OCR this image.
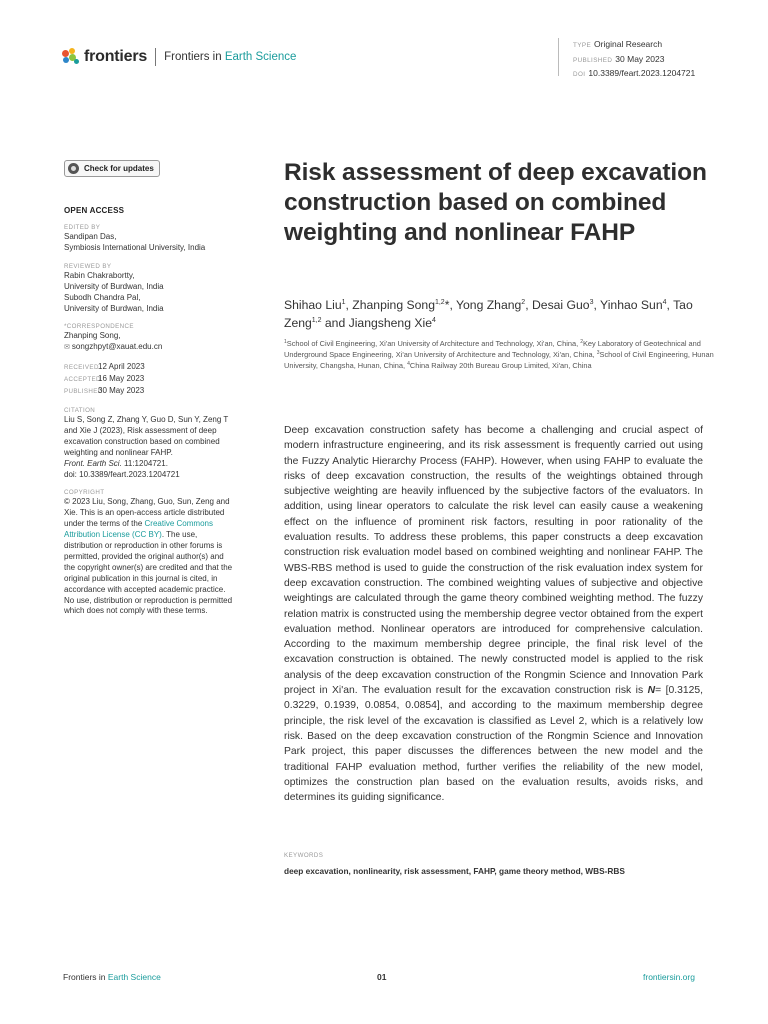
frontiers Frontiers in Earth Science
TYPE Original Research
PUBLISHED 30 May 2023
DOI 10.3389/feart.2023.1204721
Check for updates
OPEN ACCESS
EDITED BY
Sandipan Das,
Symbiosis International University, India
REVIEWED BY
Rabin Chakrabortty,
University of Burdwan, India
Subodh Chandra Pal,
University of Burdwan, India
*CORRESPONDENCE
Zhanping Song,
✉ songzhpyt@xauat.edu.cn
RECEIVED12 April 2023
ACCEPTED16 May 2023
PUBLISHED30 May 2023
CITATION
Liu S, Song Z, Zhang Y, Guo D, Sun Y, Zeng T and Xie J (2023), Risk assessment of deep excavation construction based on combined weighting and nonlinear FAHP.
Front. Earth Sci. 11:1204721.
doi: 10.3389/feart.2023.1204721
COPYRIGHT
© 2023 Liu, Song, Zhang, Guo, Sun, Zeng and Xie. This is an open-access article distributed under the terms of the Creative Commons Attribution License (CC BY). The use, distribution or reproduction in other forums is permitted, provided the original author(s) and the copyright owner(s) are credited and that the original publication in this journal is cited, in accordance with accepted academic practice. No use, distribution or reproduction is permitted which does not comply with these terms.
Risk assessment of deep excavation construction based on combined weighting and nonlinear FAHP
Shihao Liu$^1$, Zhanping Song$^{1,2}$*, Yong Zhang$^2$, Desai Guo$^3$, Yinhao Sun$^4$, Tao Zeng$^{1,2}$ and Jiangsheng Xie$^4$
$^1$School of Civil Engineering, Xi'an University of Architecture and Technology, Xi'an, China, $^2$Key Laboratory of Geotechnical and Underground Space Engineering, Xi'an University of Architecture and Technology, Xi'an, China, $^3$School of Civil Engineering, Hunan University, Changsha, Hunan, China, $^4$China Railway 20th Bureau Group Limited, Xi'an, China
Deep excavation construction safety has become a challenging and crucial aspect of modern infrastructure engineering, and its risk assessment is frequently carried out using the Fuzzy Analytic Hierarchy Process (FAHP). However, when using FAHP to evaluate the risks of deep excavation construction, the results of the weightings obtained through subjective weighting are heavily influenced by the subjective factors of the evaluators. In addition, using linear operators to calculate the risk level can easily cause a weakening effect on the influence of prominent risk factors, resulting in poor rationality of the evaluation results. To address these problems, this paper constructs a deep excavation construction risk evaluation model based on combined weighting and nonlinear FAHP. The WBS-RBS method is used to guide the construction of the risk evaluation index system for deep excavation construction. The combined weighting values of subjective and objective weightings are calculated through the game theory combined weighting method. The fuzzy relation matrix is constructed using the membership degree vector obtained from the expert evaluation method. Nonlinear operators are introduced for comprehensive calculation. According to the maximum membership degree principle, the final risk level of the excavation construction is obtained. The newly constructed model is applied to the risk analysis of the deep excavation construction of the Rongmin Science and Innovation Park project in Xi'an. The evaluation result for the excavation construction risk is N= [0.3125, 0.3229, 0.1939, 0.0854, 0.0854], and according to the maximum membership degree principle, the risk level of the excavation is classified as Level 2, which is a relatively low risk. Based on the deep excavation construction of the Rongmin Science and Innovation Park project, this paper discusses the differences between the new model and the traditional FAHP evaluation method, further verifies the reliability of the new model, optimizes the construction plan based on the evaluation results, avoids risks, and determines its guiding significance.
KEYWORDS
deep excavation, nonlinearity, risk assessment, FAHP, game theory method, WBS-RBS
Frontiers in Earth Science	01	frontiersin.org
